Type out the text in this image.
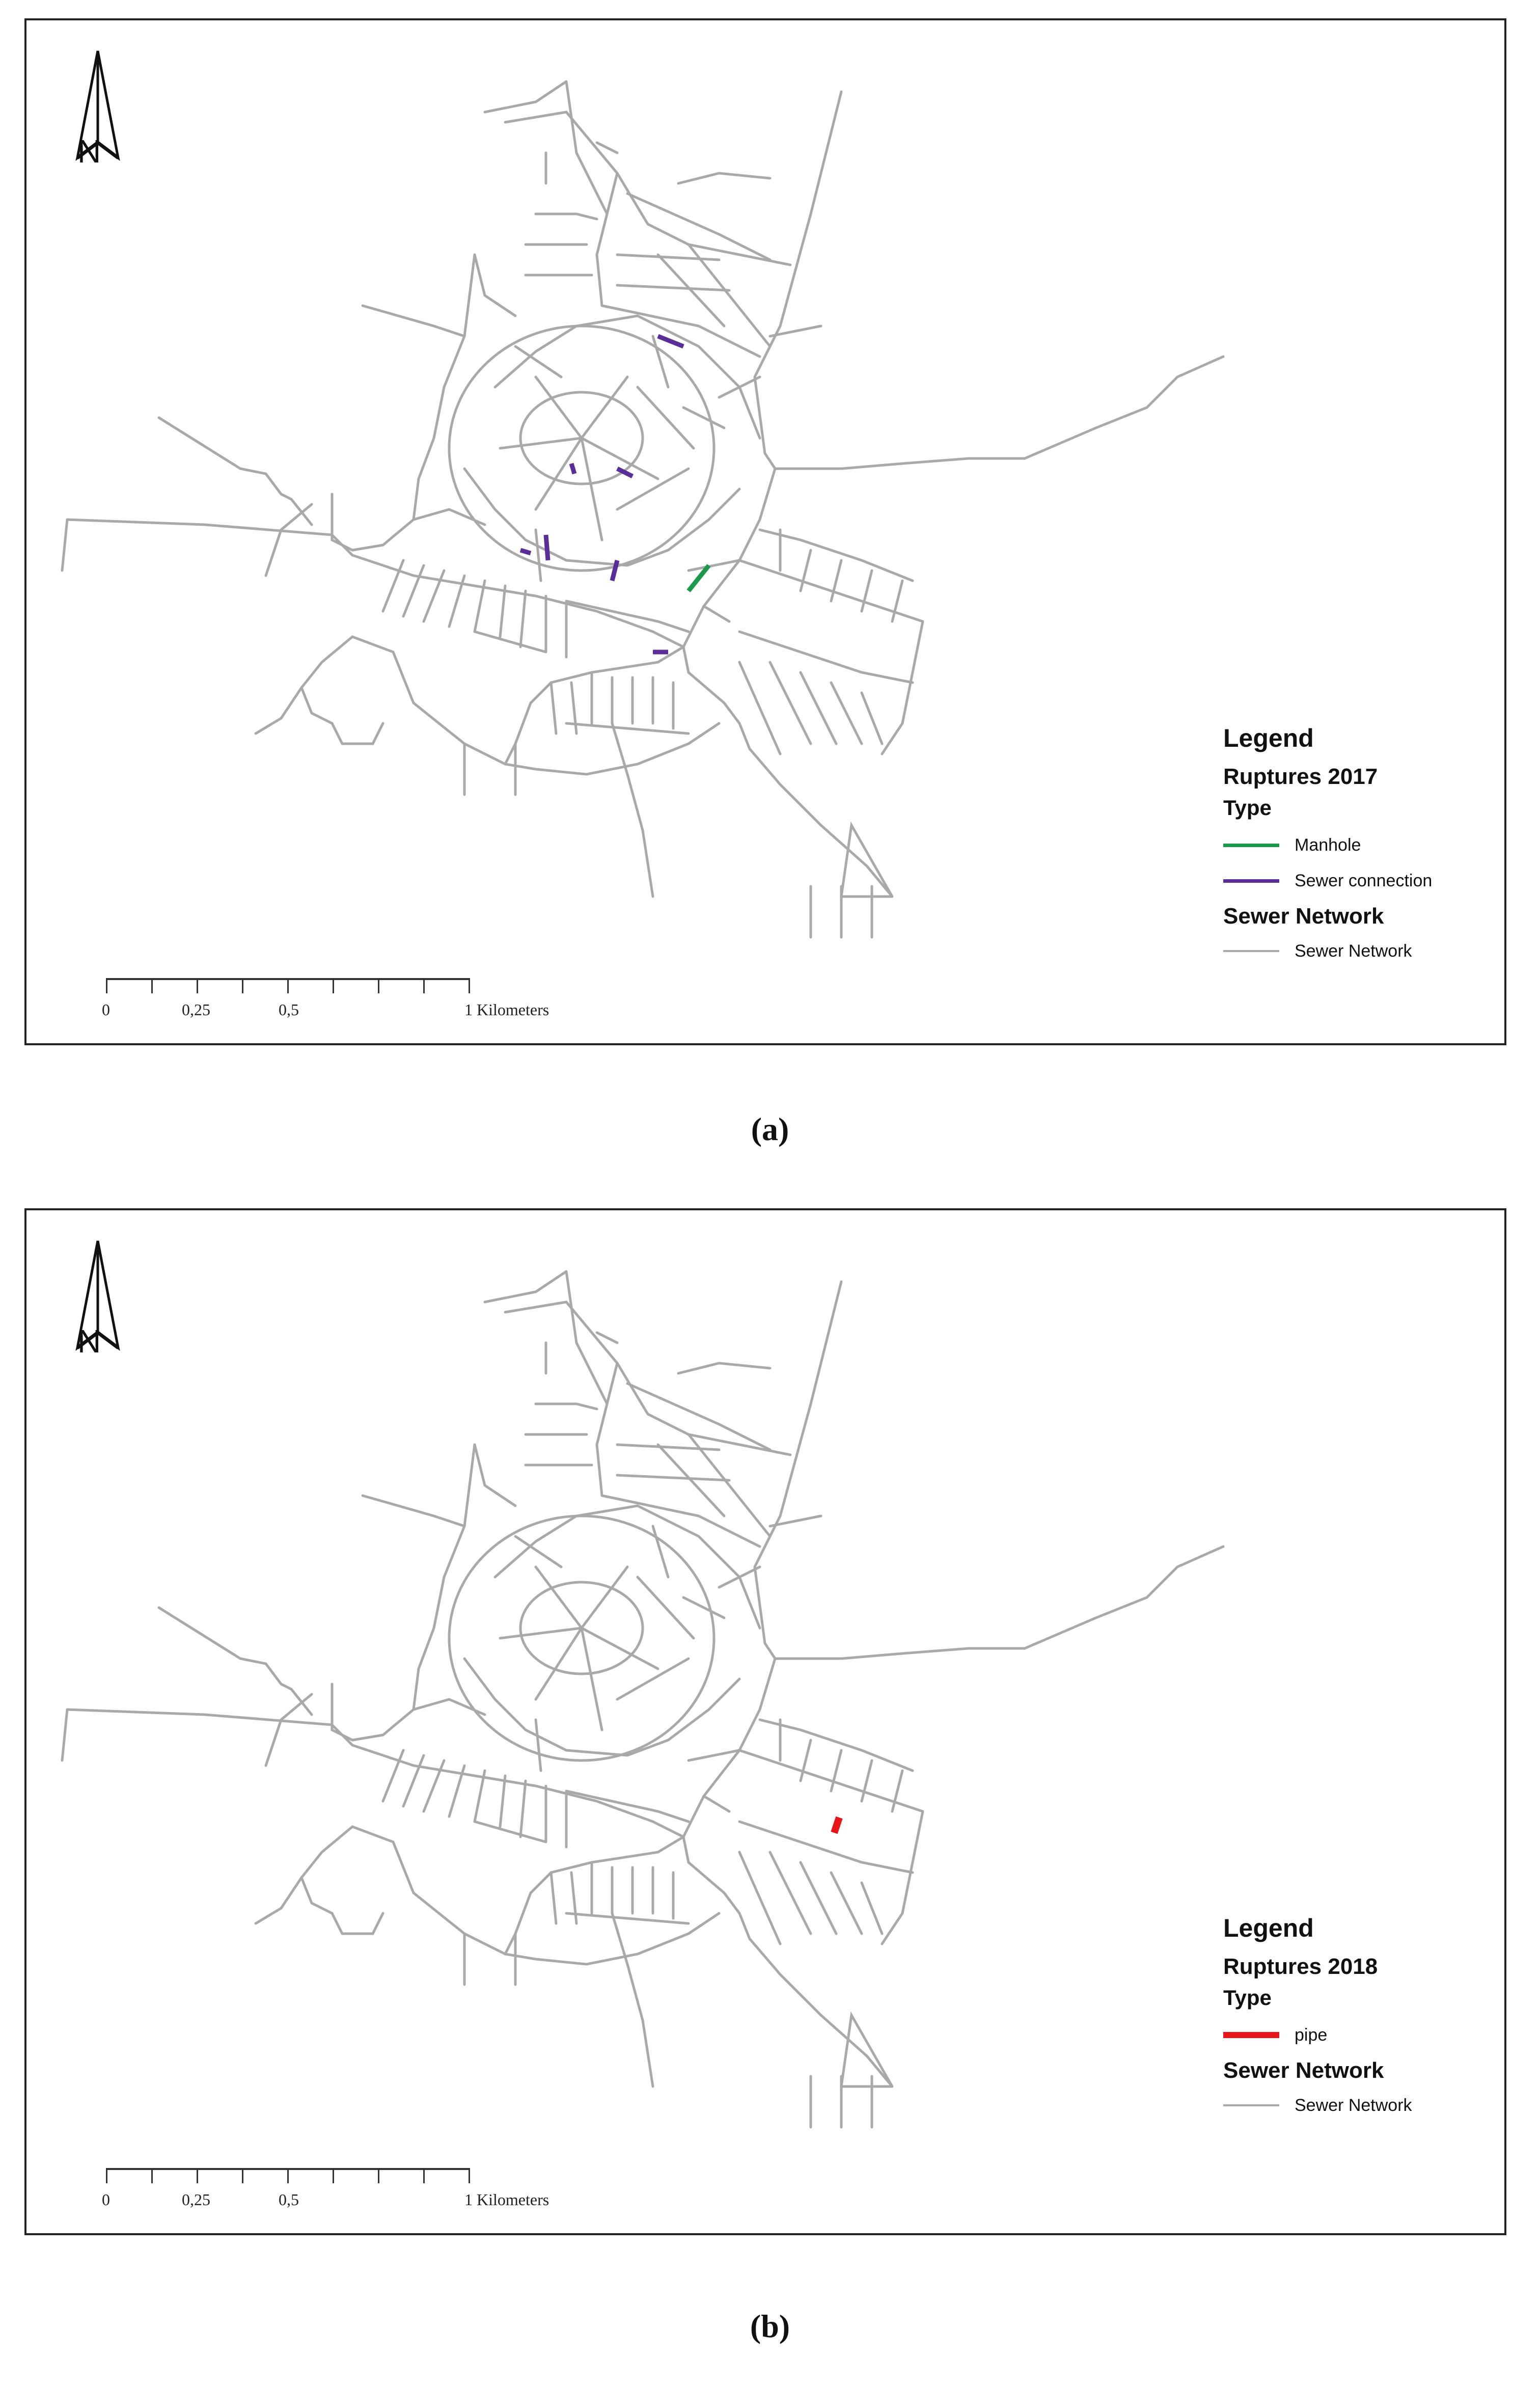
N
Legend
Ruptures 2017
Type
Manhole
Sewer connection
Sewer Network
Sewer Network
0	0,25	0,5	1 Kilometers
(a)
N
Legend
Ruptures 2018
Type
pipe
Sewer Network
Sewer Network
0	0,25	0,5	1 Kilometers
(b)
